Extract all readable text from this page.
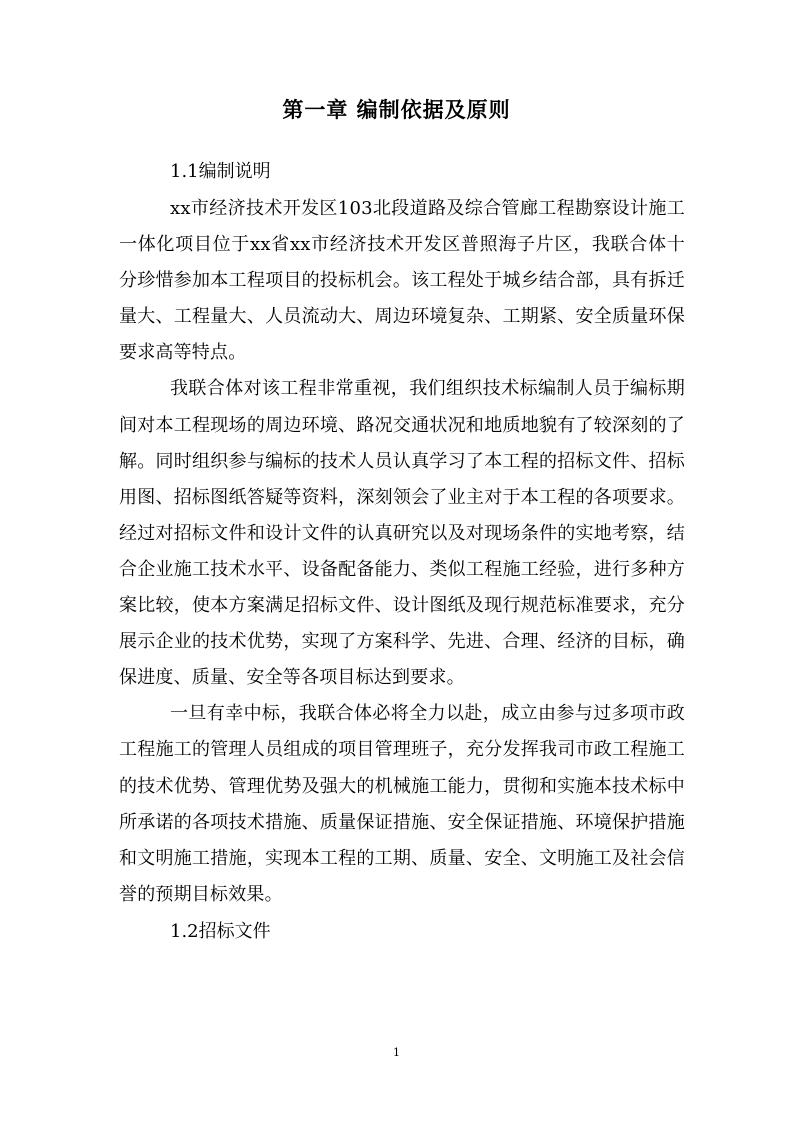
第一章 编制依据及原则

1.1编制说明

xx市经济技术开发区103北段道路及综合管廊工程勘察设计施工一体化项目位于xx省xx市经济技术开发区普照海子片区，我联合体十分珍惜参加本工程项目的投标机会。该工程处于城乡结合部，具有拆迁量大、工程量大、人员流动大、周边环境复杂、工期紧、安全质量环保要求高等特点。

我联合体对该工程非常重视，我们组织技术标编制人员于编标期间对本工程现场的周边环境、路况交通状况和地质地貌有了较深刻的了解。同时组织参与编标的技术人员认真学习了本工程的招标文件、招标用图、招标图纸答疑等资料，深刻领会了业主对于本工程的各项要求。经过对招标文件和设计文件的认真研究以及对现场条件的实地考察，结合企业施工技术水平、设备配备能力、类似工程施工经验，进行多种方案比较，使本方案满足招标文件、设计图纸及现行规范标准要求，充分展示企业的技术优势，实现了方案科学、先进、合理、经济的目标，确保进度、质量、安全等各项目标达到要求。

一旦有幸中标，我联合体必将全力以赴，成立由参与过多项市政工程施工的管理人员组成的项目管理班子，充分发挥我司市政工程施工的技术优势、管理优势及强大的机械施工能力，贯彻和实施本技术标中所承诺的各项技术措施、质量保证措施、安全保证措施、环境保护措施和文明施工措施，实现本工程的工期、质量、安全、文明施工及社会信誉的预期目标效果。

1.2招标文件

1
